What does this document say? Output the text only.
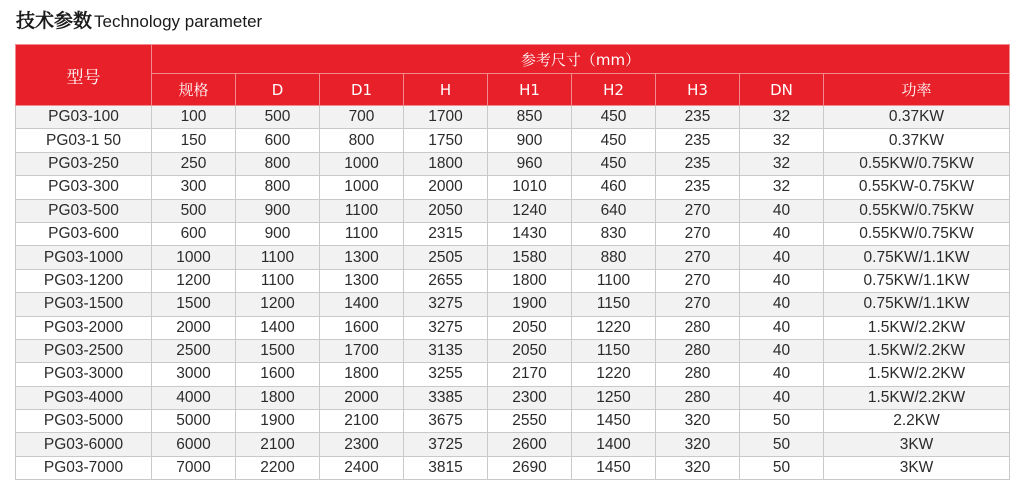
技术参数 Technology parameter
型号	参考尺寸（mm）								
	规格	D	D1	H	H1	H2	H3	DN	功率
PG03-100	100	500	700	1700	850	450	235	32	0.37KW
PG03-1 50	150	600	800	1750	900	450	235	32	0.37KW
PG03-250	250	800	1000	1800	960	450	235	32	0.55KW/0.75KW
PG03-300	300	800	1000	2000	1010	460	235	32	0.55KW-0.75KW
PG03-500	500	900	1100	2050	1240	640	270	40	0.55KW/0.75KW
PG03-600	600	900	1100	2315	1430	830	270	40	0.55KW/0.75KW
PG03-1000	1000	1100	1300	2505	1580	880	270	40	0.75KW/1.1KW
PG03-1200	1200	1100	1300	2655	1800	1100	270	40	0.75KW/1.1KW
PG03-1500	1500	1200	1400	3275	1900	1150	270	40	0.75KW/1.1KW
PG03-2000	2000	1400	1600	3275	2050	1220	280	40	1.5KW/2.2KW
PG03-2500	2500	1500	1700	3135	2050	1150	280	40	1.5KW/2.2KW
PG03-3000	3000	1600	1800	3255	2170	1220	280	40	1.5KW/2.2KW
PG03-4000	4000	1800	2000	3385	2300	1250	280	40	1.5KW/2.2KW
PG03-5000	5000	1900	2100	3675	2550	1450	320	50	2.2KW
PG03-6000	6000	2100	2300	3725	2600	1400	320	50	3KW
PG03-7000	7000	2200	2400	3815	2690	1450	320	50	3KW
